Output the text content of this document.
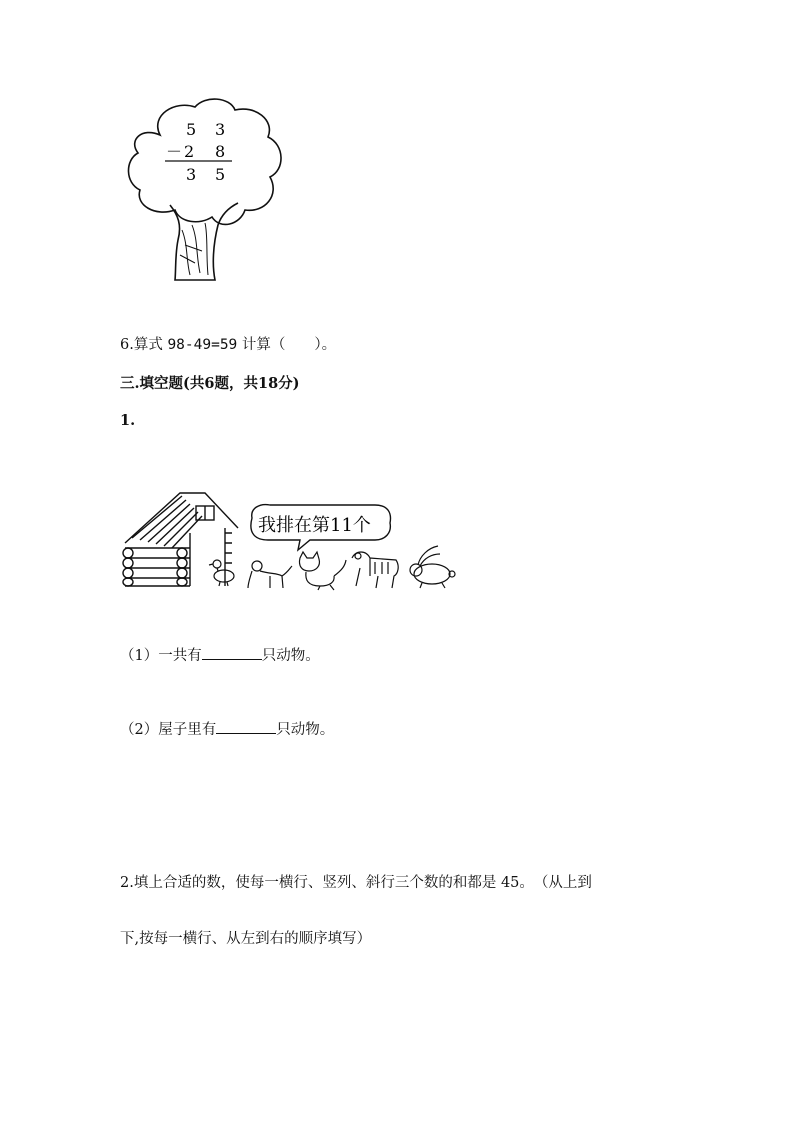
5 3
－ 2 8
3 5
6.算式 98-49=59 计算（　　）。
三.填空题(共6题，共18分)
1.
我排在第11个
（1）一共有	只动物。
（2）屋子里有	只动物。
2.填上合适的数，使每一横行、竖列、斜行三个数的和都是 45。　（从上到
下,按每一横行、从左到右的顺序填写）
